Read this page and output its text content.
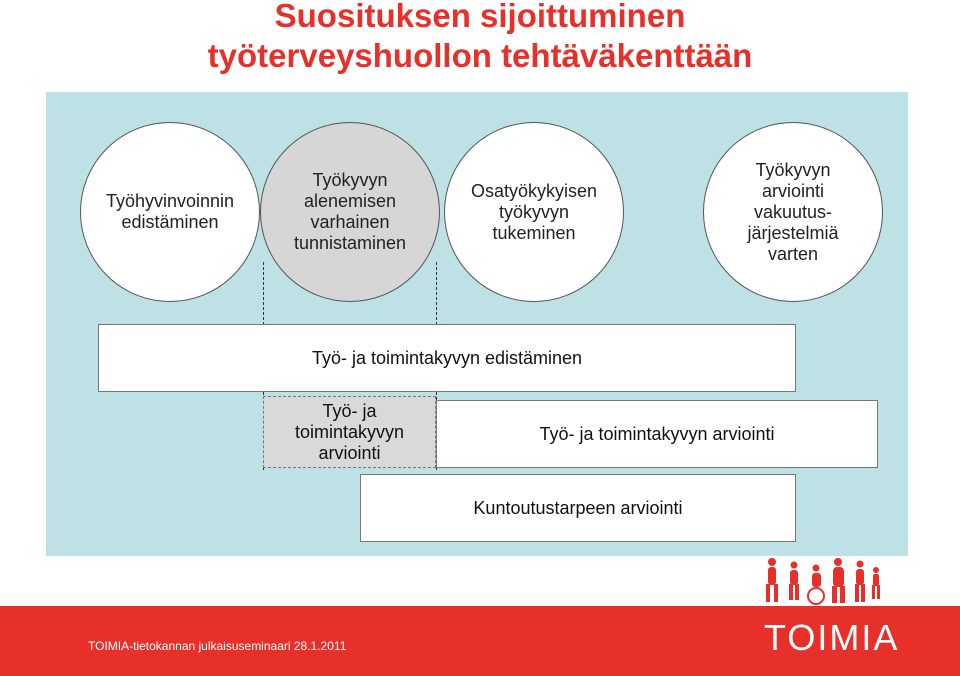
Suosituksen sijoittuminen
työterveyshuollon tehtäväkenttään
Työhyvinvoinnin
edistäminen
Työkyvyn
alenemisen
varhainen
tunnistaminen
Osatyökykyisen
työkyvyn
tukeminen
Työkyvyn
arviointi
vakuutus-
järjestelmiä
varten
Työ- ja toimintakyvyn edistäminen
Työ- ja
toimintakyvyn
arviointi
Työ- ja toimintakyvyn arviointi
Kuntoutustarpeen arviointi
TOIMIA-tietokannan julkaisuseminaari 28.1.2011	TOIMIA
